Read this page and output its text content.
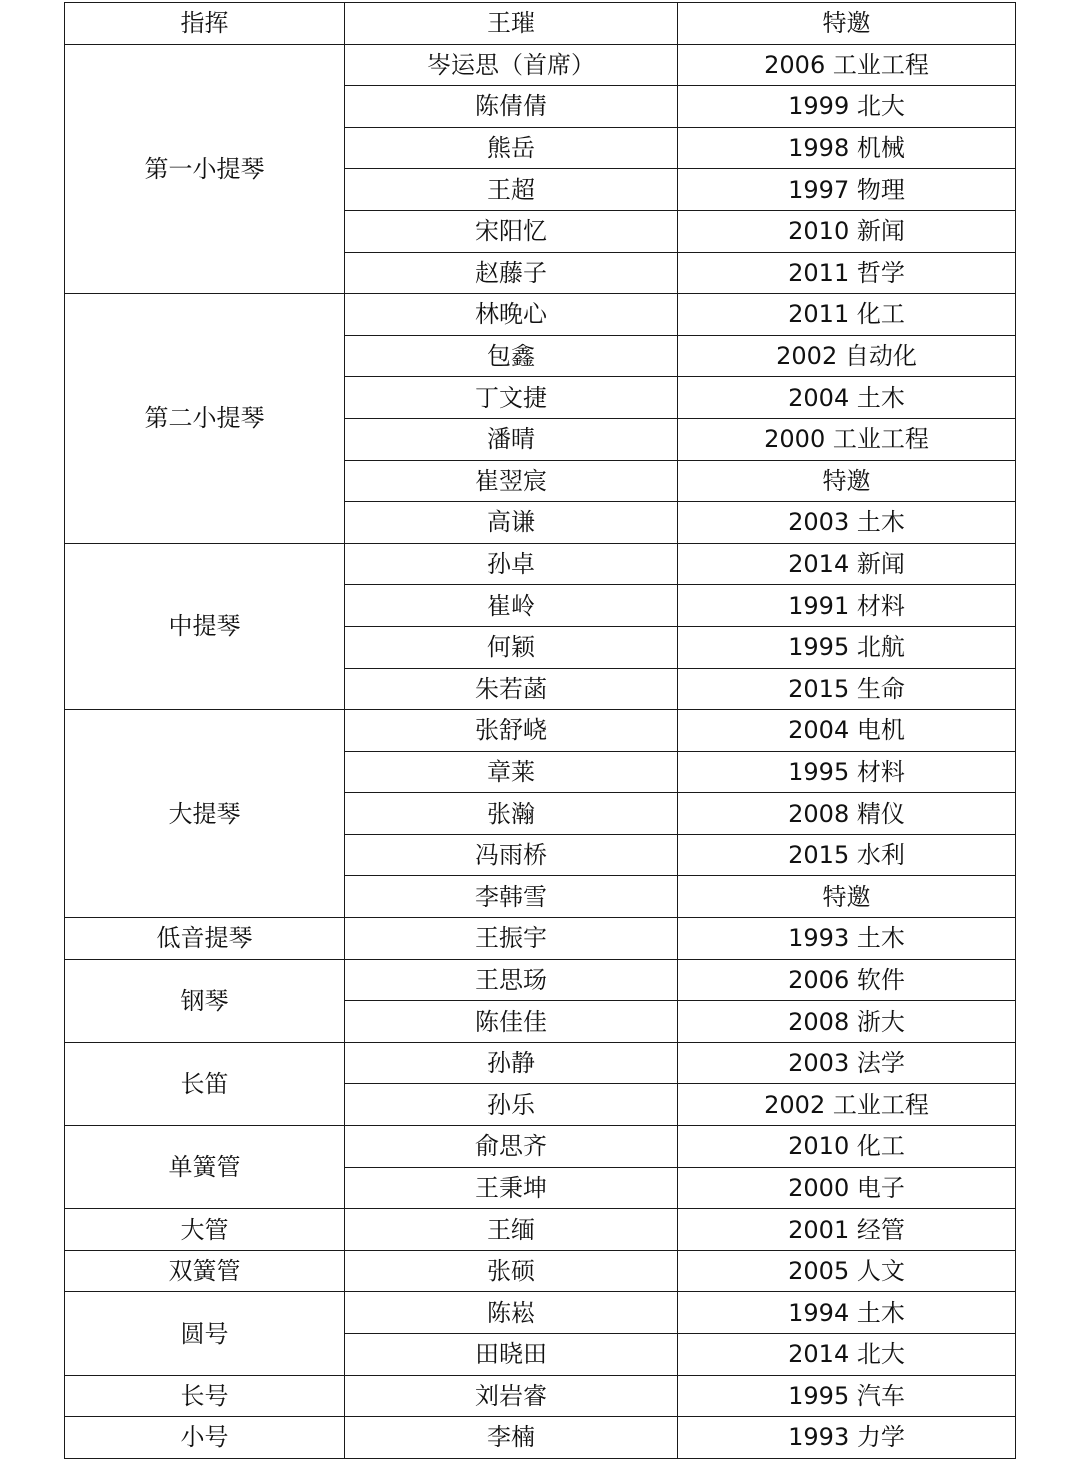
指挥	王璀	特邀
第一小提琴	岑运思（首席）	2006 工业工程
	陈倩倩	1999 北大
	熊岳	1998 机械
	王超	1997 物理
	宋阳忆	2010 新闻
	赵藤子	2011 哲学
第二小提琴	林晚心	2011 化工
	包鑫	2002 自动化
	丁文捷	2004 土木
	潘晴	2000 工业工程
	崔翌宸	特邀
	高谦	2003 土木
中提琴	孙卓	2014 新闻
	崔岭	1991 材料
	何颖	1995 北航
	朱若菡	2015 生命
大提琴	张舒峣	2004 电机
	章莱	1995 材料
	张瀚	2008 精仪
	冯雨桥	2015 水利
	李韩雪	特邀
低音提琴	王振宇	1993 土木
钢琴	王思玚	2006 软件
	陈佳佳	2008 浙大
长笛	孙静	2003 法学
	孙乐	2002 工业工程
单簧管	俞思齐	2010 化工
	王秉坤	2000 电子
大管	王缅	2001 经管
双簧管	张硕	2005 人文
圆号	陈崧	1994 土木
	田晓田	2014 北大
长号	刘岩睿	1995 汽车
小号	李楠	1993 力学
